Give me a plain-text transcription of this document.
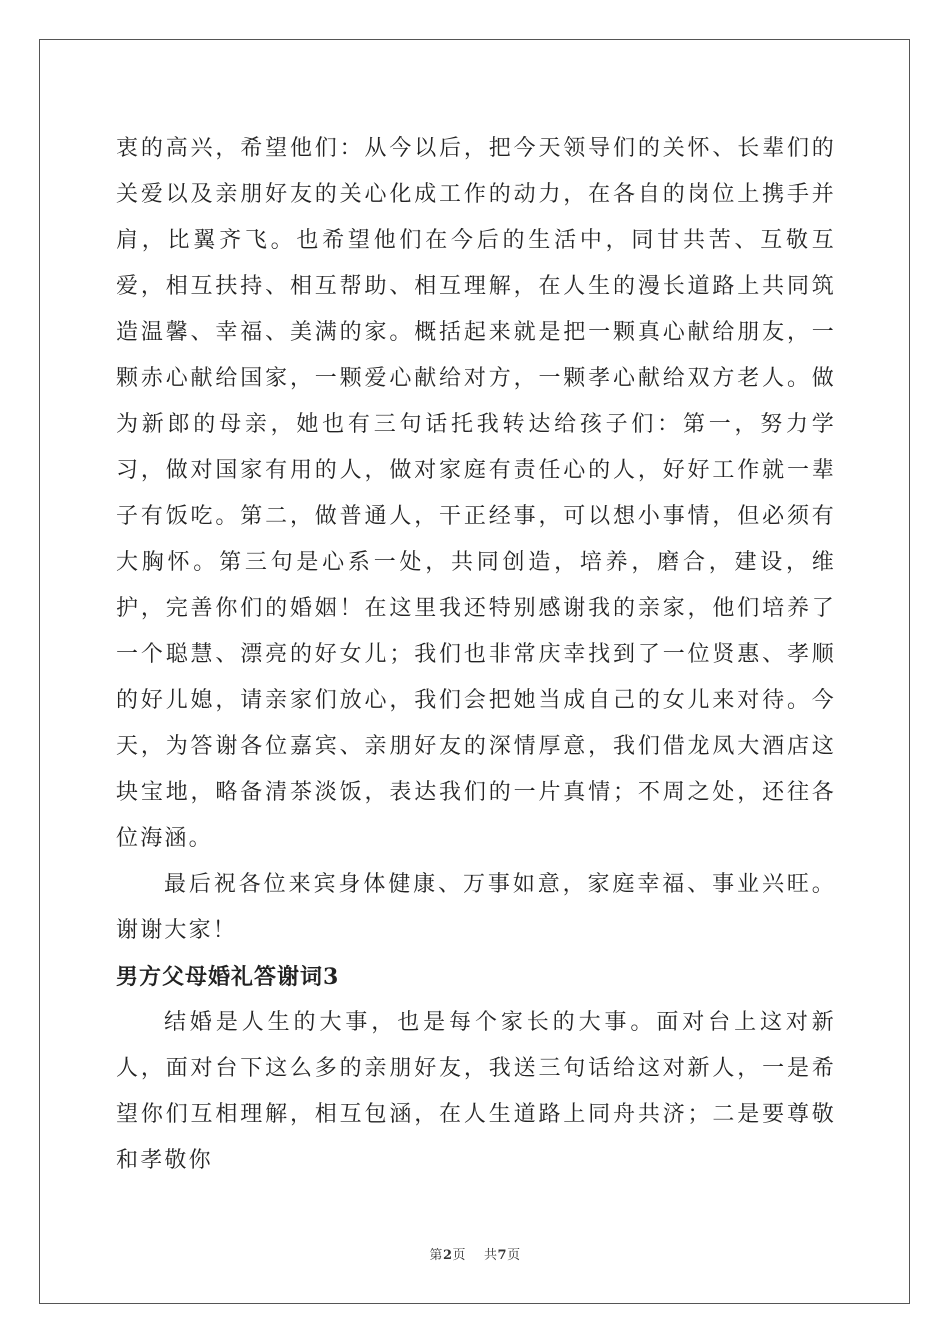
衷的高兴，希望他们：从今以后，把今天领导们的关怀、长辈们的关爱以及亲朋好友的关心化成工作的动力，在各自的岗位上携手并肩，比翼齐飞。也希望他们在今后的生活中，同甘共苦、互敬互爱，相互扶持、相互帮助、相互理解，在人生的漫长道路上共同筑造温馨、幸福、美满的家。概括起来就是把一颗真心献给朋友，一颗赤心献给国家，一颗爱心献给对方，一颗孝心献给双方老人。做为新郎的母亲，她也有三句话托我转达给孩子们：第一，努力学习，做对国家有用的人，做对家庭有责任心的人，好好工作就一辈子有饭吃。第二，做普通人，干正经事，可以想小事情，但必须有大胸怀。第三句是心系一处，共同创造，培养，磨合，建设，维护，完善你们的婚姻！在这里我还特别感谢我的亲家，他们培养了一个聪慧、漂亮的好女儿；我们也非常庆幸找到了一位贤惠、孝顺的好儿媳，请亲家们放心，我们会把她当成自己的女儿来对待。今天，为答谢各位嘉宾、亲朋好友的深情厚意，我们借龙凤大酒店这块宝地，略备清茶淡饭，表达我们的一片真情；不周之处，还往各位海涵。

最后祝各位来宾身体健康、万事如意，家庭幸福、事业兴旺。谢谢大家！

男方父母婚礼答谢词3

结婚是人生的大事，也是每个家长的大事。面对台上这对新人，面对台下这么多的亲朋好友，我送三句话给这对新人，一是希望你们互相理解，相互包涵，在人生道路上同舟共济；二是要尊敬和孝敬你

第2页 共7页
